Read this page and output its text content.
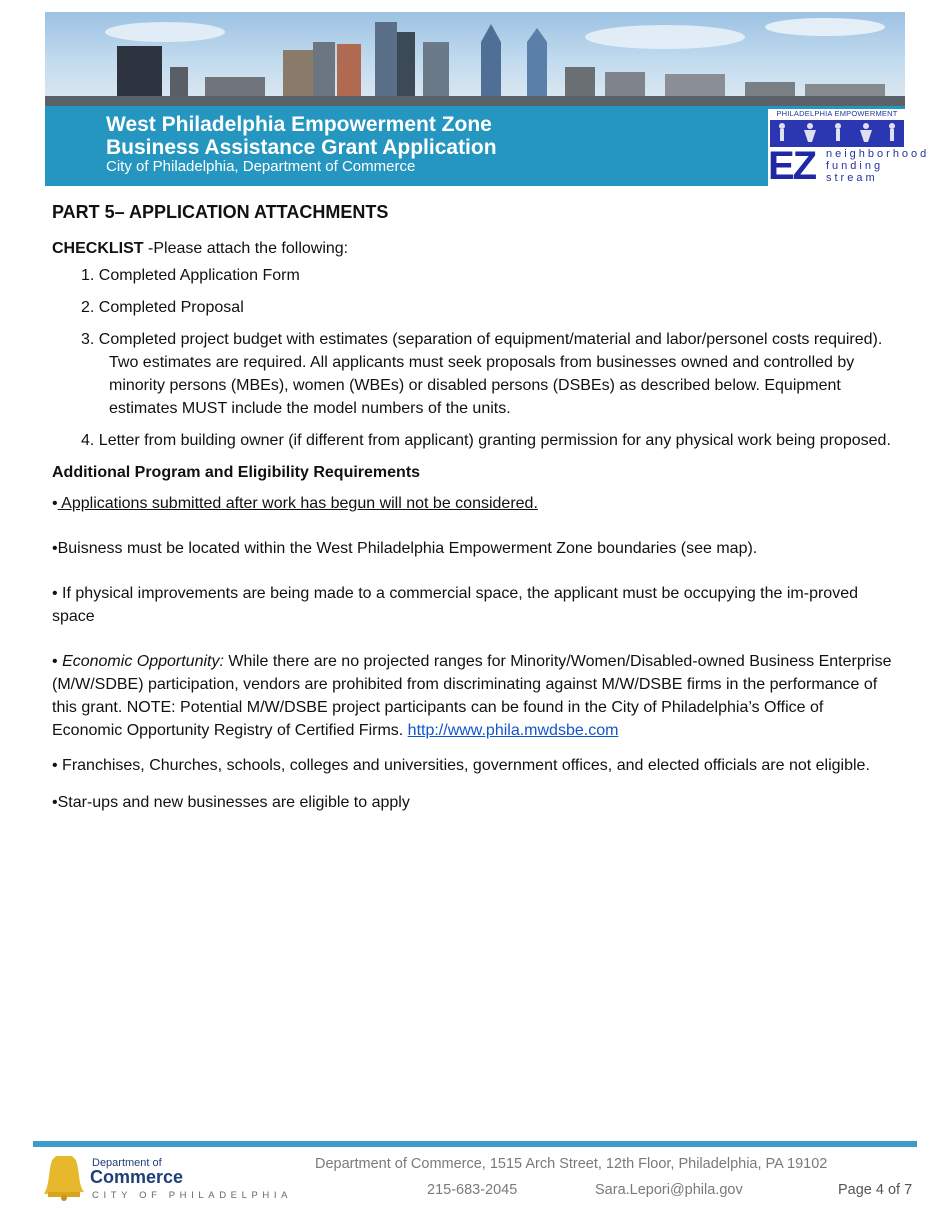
West Philadelphia Empowerment Zone
Business Assistance Grant Application
City of Philadelphia, Department of Commerce
PHILADELPHIA EMPOWERMENT
EZ neighborhood
funding
stream
PART 5– APPLICATION ATTACHMENTS

CHECKLIST -Please attach the following:

1. Completed Application Form
2. Completed Proposal
3. Completed project budget with estimates (separation of equipment/material and labor/personel costs required). Two estimates are required. All applicants must seek proposals from businesses owned and controlled by minority persons (MBEs), women (WBEs) or disabled persons (DSBEs) as described below. Equipment estimates MUST include the model numbers of the units.
4. Letter from building owner (if different from applicant) granting permission for any physical work being proposed.

Additional Program and Eligibility Requirements

• Applications submitted after work has begun will not be considered.

•Buisness must be located within the West Philadelphia Empowerment Zone boundaries (see map).

• If physical improvements are being made to a commercial space, the applicant must be occupying the im-proved space

• Economic Opportunity: While there are no projected ranges for Minority/Women/Disabled-owned Business Enterprise (M/W/SDBE) participation, vendors are prohibited from discriminating against M/W/DSBE firms in the performance of this grant. NOTE: Potential M/W/DSBE project participants can be found in the City of Philadelphia’s Office of Economic Opportunity Registry of Certified Firms. http://www.phila.mwdsbe.com

• Franchises, Churches, schools, colleges and universities, government offices, and elected officials are not eligible.

•Star-ups and new businesses are eligible to apply

Department of
Commerce
CITY OF PHILADELPHIA
Department of Commerce, 1515 Arch Street, 12th Floor, Philadelphia, PA 19102
215-683-2045	Sara.Lepori@phila.gov	Page 4 of 7
